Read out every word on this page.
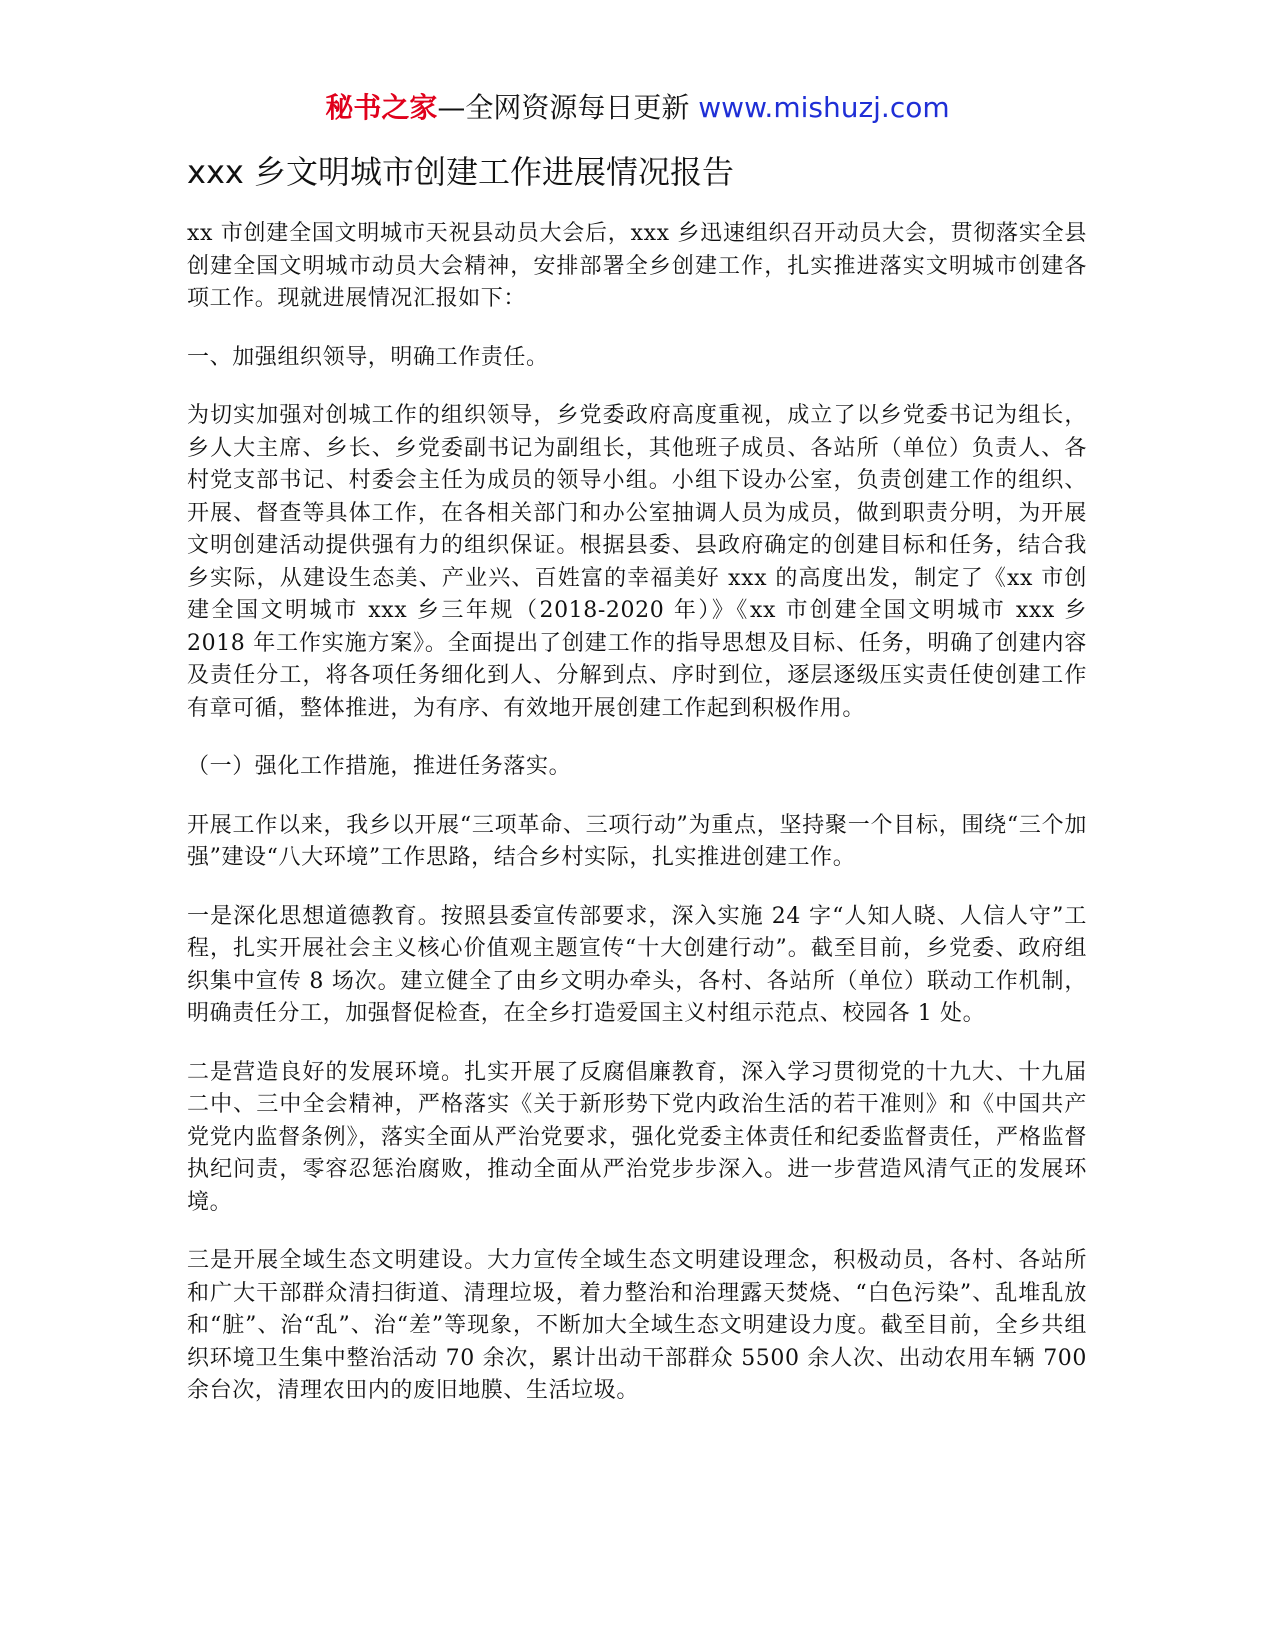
秘书之家—全网资源每日更新 www.mishuzj.com
xxx 乡文明城市创建工作进展情况报告

xx 市创建全国文明城市天祝县动员大会后，xxx 乡迅速组织召开动员大会，贯彻落实全县创建全国文明城市动员大会精神，安排部署全乡创建工作，扎实推进落实文明城市创建各项工作。现就进展情况汇报如下：

一、加强组织领导，明确工作责任。

为切实加强对创城工作的组织领导，乡党委政府高度重视，成立了以乡党委书记为组长，乡人大主席、乡长、乡党委副书记为副组长，其他班子成员、各站所（单位）负责人、各村党支部书记、村委会主任为成员的领导小组。小组下设办公室，负责创建工作的组织、开展、督查等具体工作，在各相关部门和办公室抽调人员为成员，做到职责分明，为开展文明创建活动提供强有力的组织保证。根据县委、县政府确定的创建目标和任务，结合我乡实际，从建设生态美、产业兴、百姓富的幸福美好 xxx 的高度出发，制定了《xx 市创建全国文明城市 xxx 乡三年规（2018-2020 年）》《xx 市创建全国文明城市 xxx 乡 2018 年工作实施方案》。全面提出了创建工作的指导思想及目标、任务，明确了创建内容及责任分工，将各项任务细化到人、分解到点、序时到位，逐层逐级压实责任使创建工作有章可循，整体推进，为有序、有效地开展创建工作起到积极作用。

（一）强化工作措施，推进任务落实。

开展工作以来，我乡以开展“三项革命、三项行动”为重点，坚持聚一个目标，围绕“三个加强”建设“八大环境”工作思路，结合乡村实际，扎实推进创建工作。

一是深化思想道德教育。按照县委宣传部要求，深入实施 24 字“人知人晓、人信人守”工程，扎实开展社会主义核心价值观主题宣传“十大创建行动”。截至目前，乡党委、政府组织集中宣传 8 场次。建立健全了由乡文明办牵头，各村、各站所（单位）联动工作机制，明确责任分工，加强督促检查，在全乡打造爱国主义村组示范点、校园各 1 处。

二是营造良好的发展环境。扎实开展了反腐倡廉教育，深入学习贯彻党的十九大、十九届二中、三中全会精神，严格落实《关于新形势下党内政治生活的若干准则》和《中国共产党党内监督条例》，落实全面从严治党要求，强化党委主体责任和纪委监督责任，严格监督执纪问责，零容忍惩治腐败，推动全面从严治党步步深入。进一步营造风清气正的发展环境。

三是开展全域生态文明建设。大力宣传全域生态文明建设理念，积极动员，各村、各站所和广大干部群众清扫街道、清理垃圾，着力整治和治理露天焚烧、“白色污染”、乱堆乱放和“脏”、治“乱”、治“差”等现象，不断加大全域生态文明建设力度。截至目前，全乡共组织环境卫生集中整治活动 70 余次，累计出动干部群众 5500 余人次、出动农用车辆 700 余台次，清理农田内的废旧地膜、生活垃圾。
